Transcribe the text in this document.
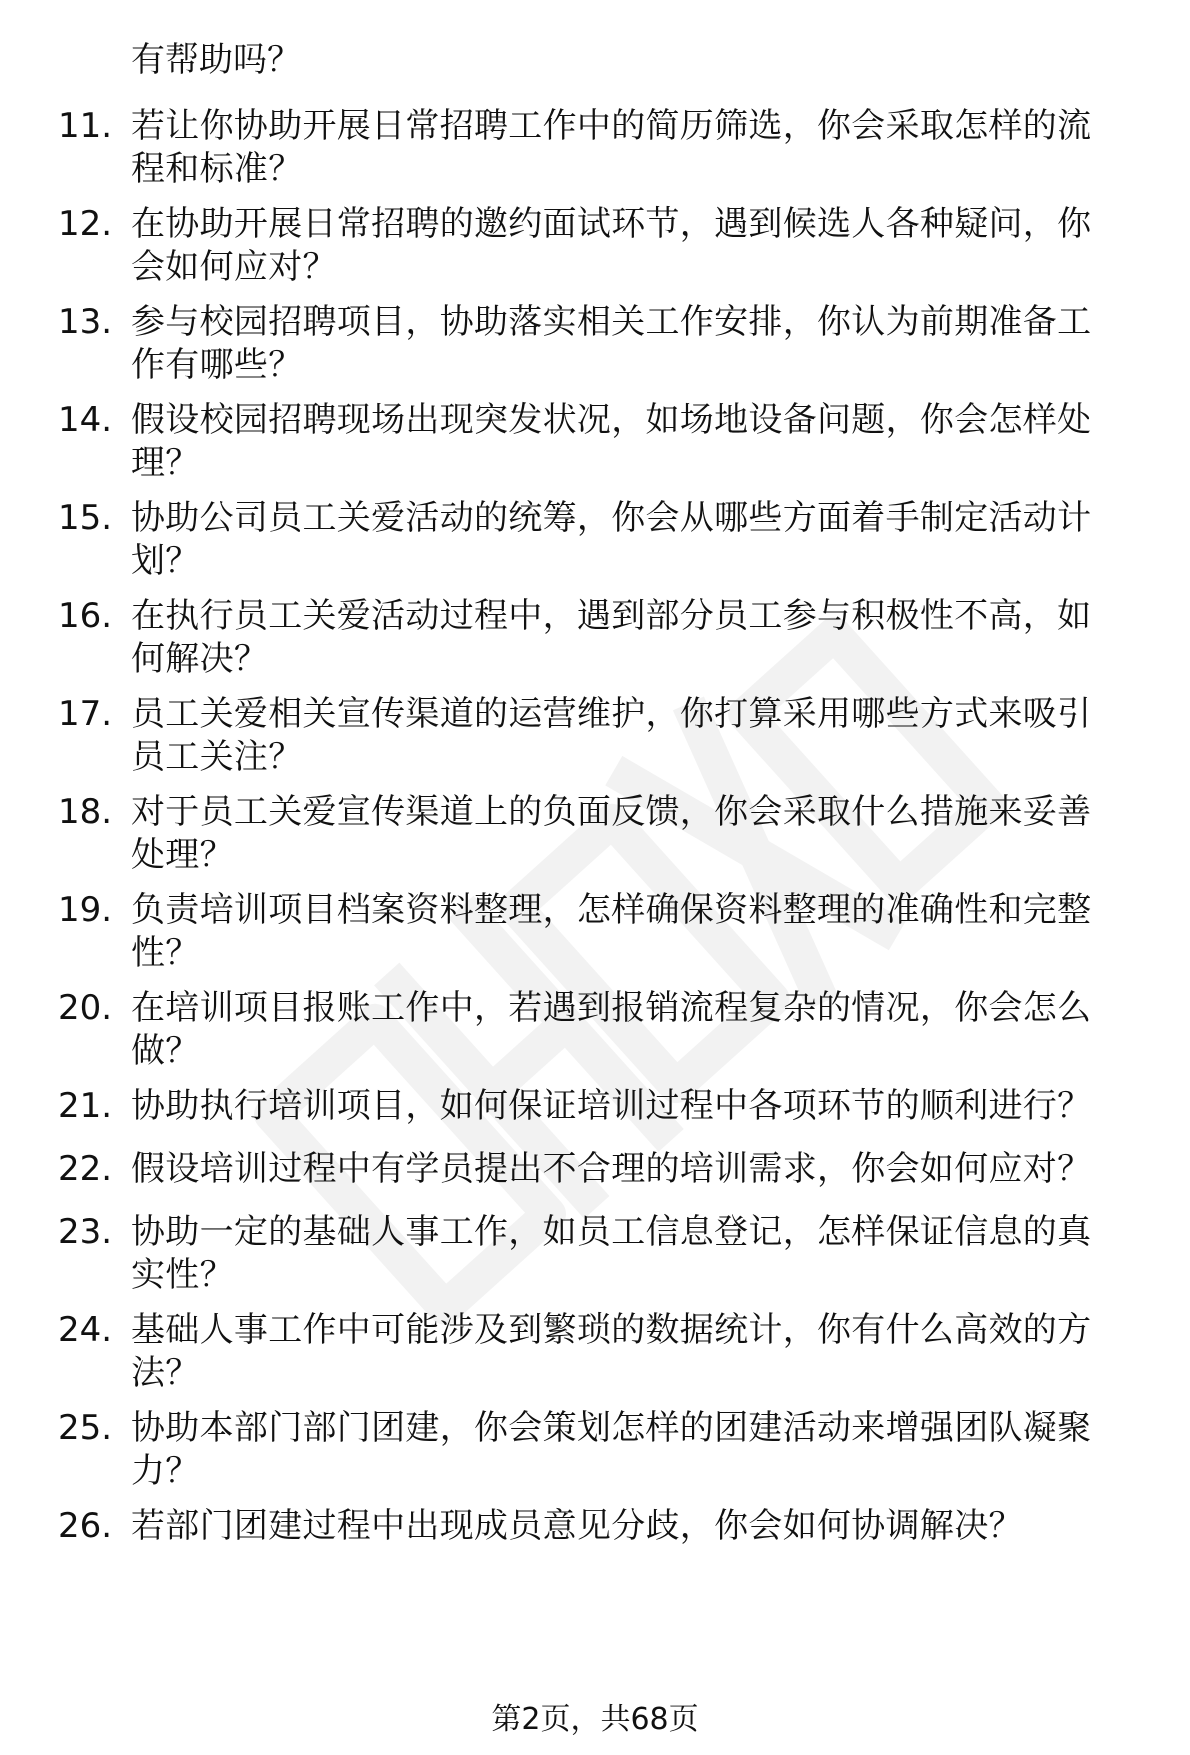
有帮助吗？
11. 若让你协助开展日常招聘工作中的简历筛选，你会采取怎样的流
程和标准？
12. 在协助开展日常招聘的邀约面试环节，遇到候选人各种疑问，你
会如何应对？
13. 参与校园招聘项目，协助落实相关工作安排，你认为前期准备工
作有哪些？
14. 假设校园招聘现场出现突发状况，如场地设备问题，你会怎样处
理？
15. 协助公司员工关爱活动的统筹，你会从哪些方面着手制定活动计
划？
16. 在执行员工关爱活动过程中，遇到部分员工参与积极性不高，如
何解决？
17. 员工关爱相关宣传渠道的运营维护，你打算采用哪些方式来吸引
员工关注？
18. 对于员工关爱宣传渠道上的负面反馈，你会采取什么措施来妥善
处理？
19. 负责培训项目档案资料整理，怎样确保资料整理的准确性和完整
性？
20. 在培训项目报账工作中，若遇到报销流程复杂的情况，你会怎么
做？
21. 协助执行培训项目，如何保证培训过程中各项环节的顺利进行？
22. 假设培训过程中有学员提出不合理的培训需求，你会如何应对？
23. 协助一定的基础人事工作，如员工信息登记，怎样保证信息的真
实性？
24. 基础人事工作中可能涉及到繁琐的数据统计，你有什么高效的方
法？
25. 协助本部门部门团建，你会策划怎样的团建活动来增强团队凝聚
力？
26. 若部门团建过程中出现成员意见分歧，你会如何协调解决？
第2页，共68页
